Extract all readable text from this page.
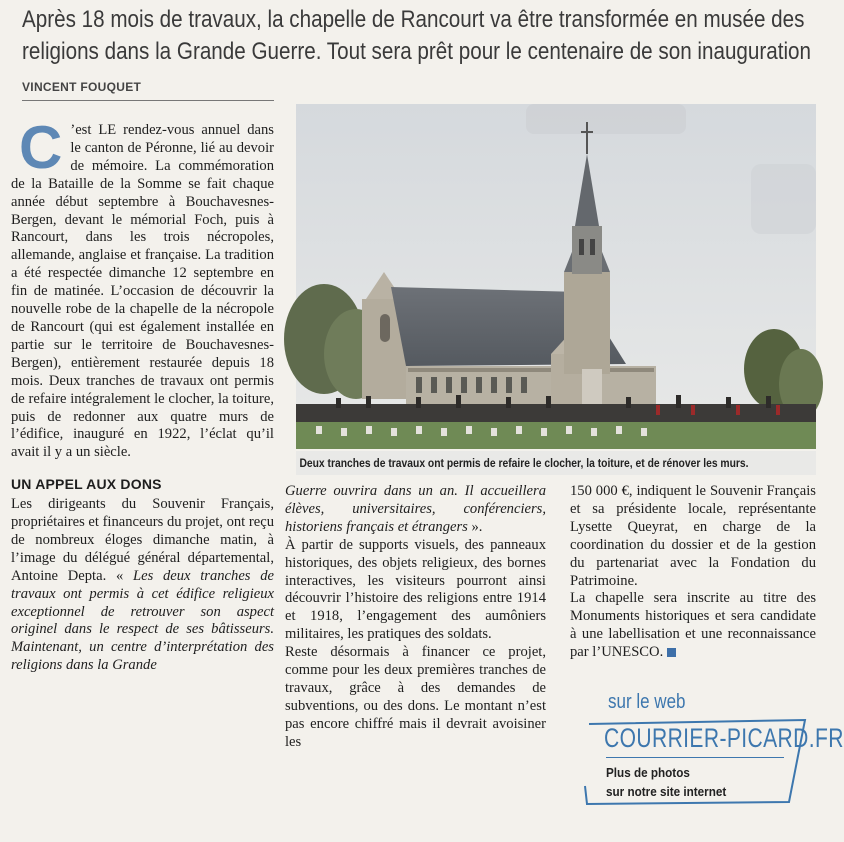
Après 18 mois de travaux, la chapelle de Rancourt va être transformée en musée des
religions dans la Grande Guerre. Tout sera prêt pour le centenaire de son inauguration
VINCENT FOUQUET

C ’est LE rendez-vous annuel dans le canton de Péronne, lié au devoir de mémoire. La commémoration de la Bataille de la Somme se fait chaque année début septembre à Bouchavesnes-Bergen, devant le mémorial Foch, puis à Rancourt, dans les trois nécropoles, allemande, anglaise et française. La tradition a été respectée dimanche 12 septembre en fin de matinée. L’occasion de découvrir la nouvelle robe de la chapelle de la nécropole de Rancourt (qui est également installée en partie sur le territoire de Bouchavesnes-Bergen), entièrement restaurée depuis 18 mois. Deux tranches de travaux ont permis de refaire intégralement le clocher, la toiture, puis de redonner aux quatre murs de l’édifice, inauguré en 1922, l’éclat qu’il avait il y a un siècle.

UN APPEL AUX DONS

Les dirigeants du Souvenir Français, propriétaires et financeurs du projet, ont reçu de nombreux éloges dimanche matin, à l’image du délégué général départemental, Antoine Depta. « Les deux tranches de travaux ont permis à cet édifice religieux exceptionnel de retrouver son aspect originel dans le respect de ses bâtisseurs. Maintenant, un centre d’interprétation des religions dans la Grande

Deux tranches de travaux ont permis de refaire le clocher, la toiture, et de rénover les murs.

Guerre ouvrira dans un an. Il accueillera élèves, universitaires, conférenciers, historiens français et étrangers ».

À partir de supports visuels, des panneaux historiques, des objets religieux, des bornes interactives, les visiteurs pourront ainsi découvrir l’histoire des religions entre 1914 et 1918, l’engagement des aumôniers militaires, les pratiques des soldats.

Reste désormais à financer ce projet, comme pour les deux premières tranches de travaux, grâce à des demandes de subventions, ou des dons. Le montant n’est pas encore chiffré mais il devrait avoisiner les

150 000 €, indiquent le Souvenir Français et sa présidente locale, représentante Lysette Queyrat, en charge de la coordination du dossier et de la gestion du partenariat avec la Fondation du Patrimoine.

La chapelle sera inscrite au titre des Monuments historiques et sera candidate à une labellisation et une reconnaissance par l’UNESCO.

sur le web
COURRIER-PICARD.FR
Plus de photos
sur notre site internet
